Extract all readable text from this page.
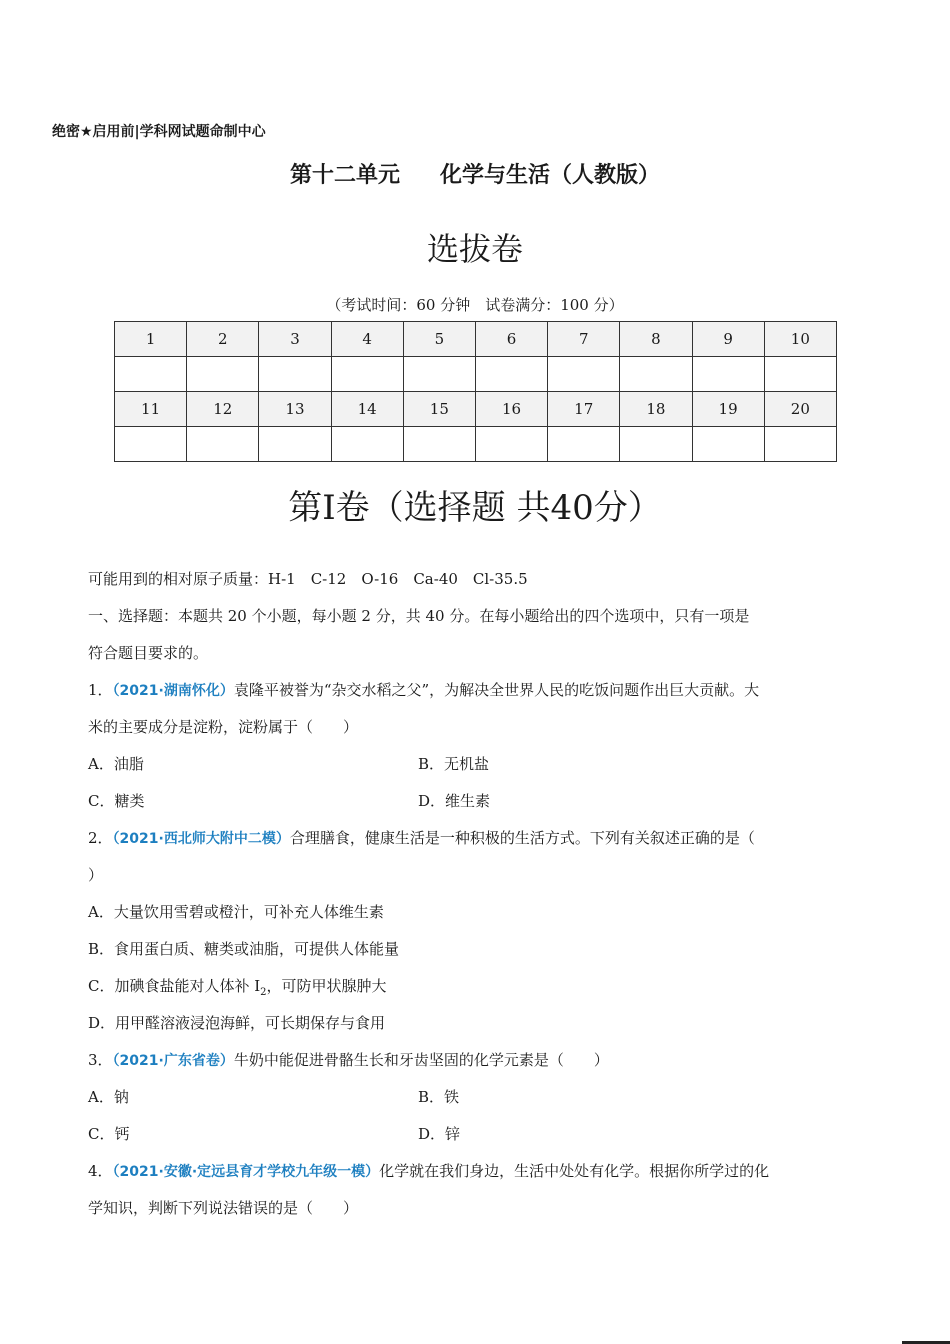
绝密★启用前|学科网试题命制中心
第十二单元 化学与生活（人教版）
选拔卷
（考试时间：60 分钟　试卷满分：100 分）
1	2	3	4	5	6	7	8	9	10

11	12	13	14	15	16	17	18	19	20

第Ⅰ卷（选择题 共40分）
可能用到的相对原子质量：H-1　C-12　O-16　Ca-40　Cl-35.5
一、选择题：本题共 20 个小题，每小题 2 分，共 40 分。在每小题给出的四个选项中，只有一项是
符合题目要求的。
1．（2021·湖南怀化）袁隆平被誉为“杂交水稻之父”，为解决全世界人民的吃饭问题作出巨大贡献。大
米的主要成分是淀粉，淀粉属于（　　）
A．油脂	B．无机盐
C．糖类	D．维生素
2．（2021·西北师大附中二模）合理膳食，健康生活是一种积极的生活方式。下列有关叙述正确的是（
）
A．大量饮用雪碧或橙汁，可补充人体维生素
B．食用蛋白质、糖类或油脂，可提供人体能量
C．加碘食盐能对人体补 $I_2$，可防甲状腺肿大
D．用甲醛溶液浸泡海鲜，可长期保存与食用
3．（2021·广东省卷）牛奶中能促进骨骼生长和牙齿坚固的化学元素是（　　）
A．钠	B．铁
C．钙	D．锌
4．（2021·安徽·定远县育才学校九年级一模）化学就在我们身边，生活中处处有化学。根据你所学过的化
学知识，判断下列说法错误的是（　　）
